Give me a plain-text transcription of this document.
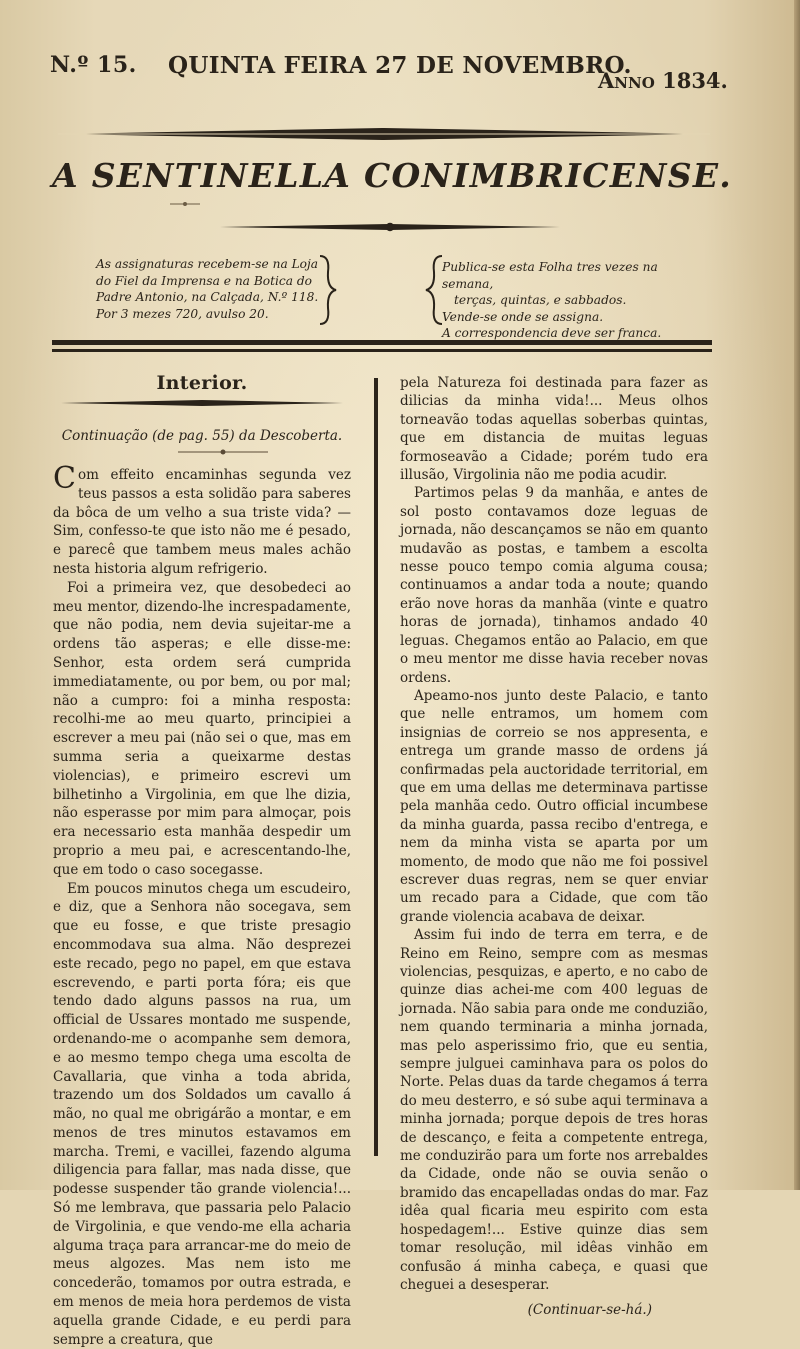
N.º 15. QUINTA FEIRA 27 DE NOVEMBRO.
Anno 1834.
A SENTINELLA CONIMBRICENSE.
As assignaturas recebem-se na Loja do Fiel da Imprensa e na Botica do Padre Antonio, na Calçada, N.º 118. Por 3 mezes 720, avulso 20.
Publica-se esta Folha tres vezes na semana,
terças, quintas, e sabbados.
Vende-se onde se assigna.
A correspondencia deve ser franca.
Interior.
Continuação (de pag. 55) da Descoberta.

Com effeito encaminhas segunda vez teus passos a esta solidão para saberes da bôca de um velho a sua triste vida? — Sim, confesso-te que isto não me é pesado, e parecê que tambem meus males achão nesta historia algum refrigerio.

Foi a primeira vez, que desobedeci ao meu mentor, dizendo-lhe increspadamente, que não podia, nem devia sujeitar-me a ordens tão asperas; e elle disse-me: Senhor, esta ordem será cumprida immediatamente, ou por bem, ou por mal; não a cumpro: foi a minha resposta: recolhi-me ao meu quarto, principiei a escrever a meu pai (não sei o que, mas em summa seria a queixarme destas violencias), e primeiro escrevi um bilhetinho a Virgolinia, em que lhe dizia, não esperasse por mim para almoçar, pois era necessario esta manhãa despedir um proprio a meu pai, e acrescentando-lhe, que em todo o caso socegasse.

Em poucos minutos chega um escudeiro, e diz, que a Senhora não socegava, sem que eu fosse, e que triste presagio encommodava sua alma. Não desprezei este recado, pego no papel, em que estava escrevendo, e parti porta fóra; eis que tendo dado alguns passos na rua, um official de Ussares montado me suspende, ordenando-me o acompanhe sem demora, e ao mesmo tempo chega uma escolta de Cavallaria, que vinha a toda abrida, trazendo um dos Soldados um cavallo á mão, no qual me obrigárão a montar, e em menos de tres minutos estavamos em marcha. Tremi, e vacillei, fazendo alguma diligencia para fallar, mas nada disse, que podesse suspender tão grande violencia!... Só me lembrava, que passaria pelo Palacio de Virgolinia, e que vendo-me ella acharia alguma traça para arrancar-me do meio de meus algozes. Mas nem isto me concederão, tomamos por outra estrada, e em menos de meia hora perdemos de vista aquella grande Cidade, e eu perdi para sempre a creatura, que

pela Natureza foi destinada para fazer as dilicias da minha vida!... Meus olhos torneavão todas aquellas soberbas quintas, que em distancia de muitas leguas formoseavão a Cidade; porém tudo era illusão, Virgolinia não me podia acudir.

Partimos pelas 9 da manhãa, e antes de sol posto contavamos doze leguas de jornada, não descançamos se não em quanto mudavão as postas, e tambem a escolta nesse pouco tempo comia alguma cousa; continuamos a andar toda a noute; quando erão nove horas da manhãa (vinte e quatro horas de jornada), tinhamos andado 40 leguas. Chegamos então ao Palacio, em que o meu mentor me disse havia receber novas ordens.

Apeamo-nos junto deste Palacio, e tanto que nelle entramos, um homem com insignias de correio se nos appresenta, e entrega um grande masso de ordens já confirmadas pela auctoridade territorial, em que em uma dellas me determinava partisse pela manhãa cedo. Outro official incumbese da minha guarda, passa recibo d'entrega, e nem da minha vista se aparta por um momento, de modo que não me foi possivel escrever duas regras, nem se quer enviar um recado para a Cidade, que com tão grande violencia acabava de deixar.

Assim fui indo de terra em terra, e de Reino em Reino, sempre com as mesmas violencias, pesquizas, e aperto, e no cabo de quinze dias achei-me com 400 leguas de jornada. Não sabia para onde me conduzião, nem quando terminaria a minha jornada, mas pelo asperissimo frio, que eu sentia, sempre julguei caminhava para os polos do Norte. Pelas duas da tarde chegamos á terra do meu desterro, e só sube aqui terminava a minha jornada; porque depois de tres horas de descanço, e feita a competente entrega, me conduzirão para um forte nos arrebaldes da Cidade, onde não se ouvia senão o bramido das encapelladas ondas do mar. Faz idêa qual ficaria meu espirito com esta hospedagem!... Estive quinze dias sem tomar resolução, mil idêas vinhão em confusão á minha cabeça, e quasi que cheguei a desesperar.

(Continuar-se-há.)
